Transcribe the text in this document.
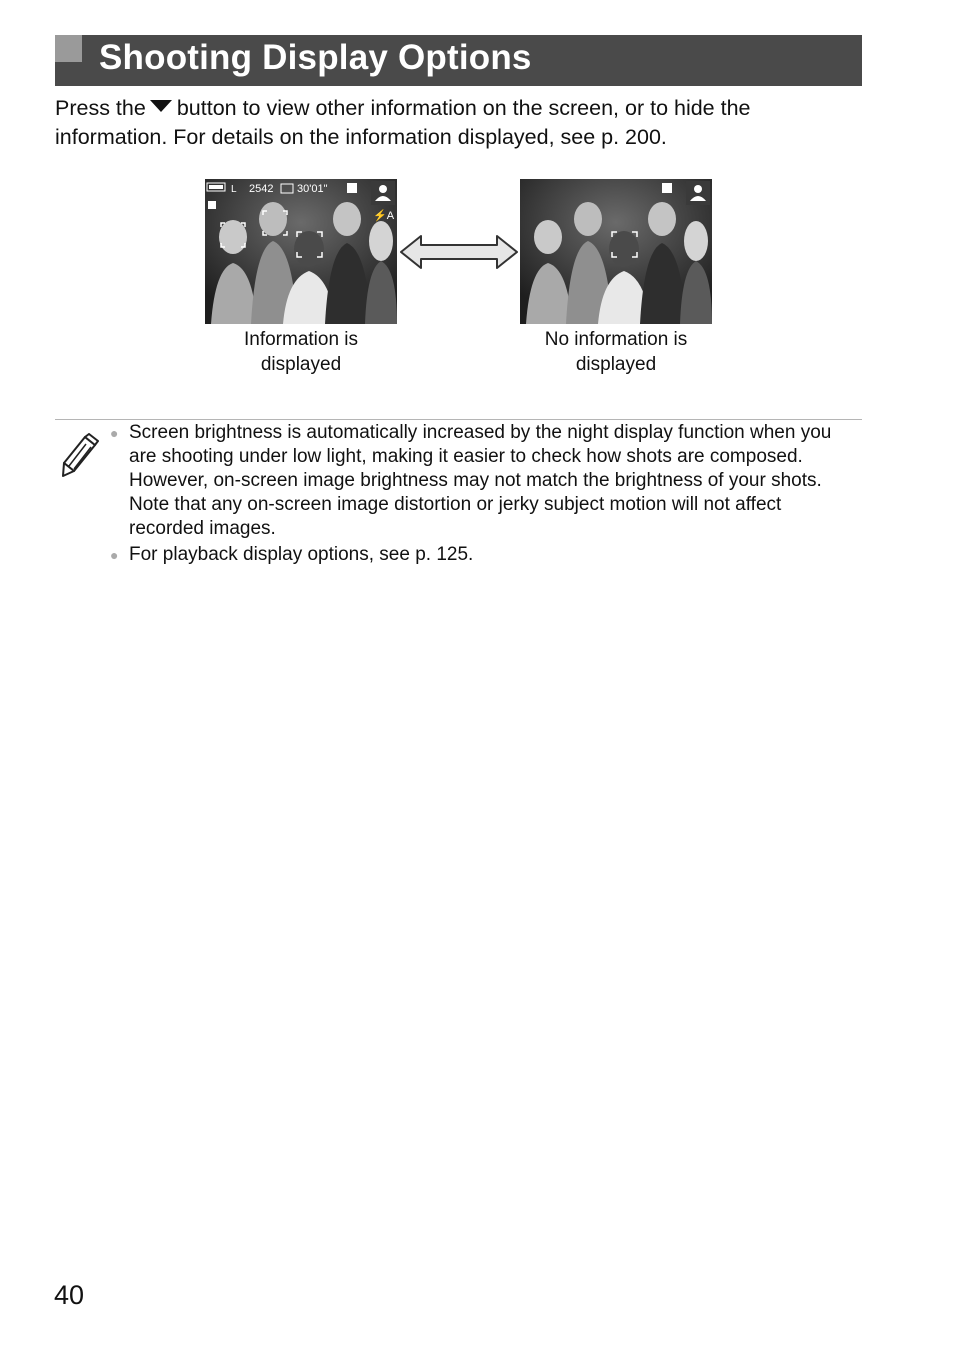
Shooting Display Options

Press the button to view other information on the screen, or to hide the information. For details on the information displayed, see p. 200.

L 2542 30'01"
⚡A
Information is
displayed
No information is
displayed
● Screen brightness is automatically increased by the night display function when you are shooting under low light, making it easier to check how shots are composed. However, on-screen image brightness may not match the brightness of your shots. Note that any on-screen image distortion or jerky subject motion will not affect recorded images.
● For playback display options, see p. 125.
40
